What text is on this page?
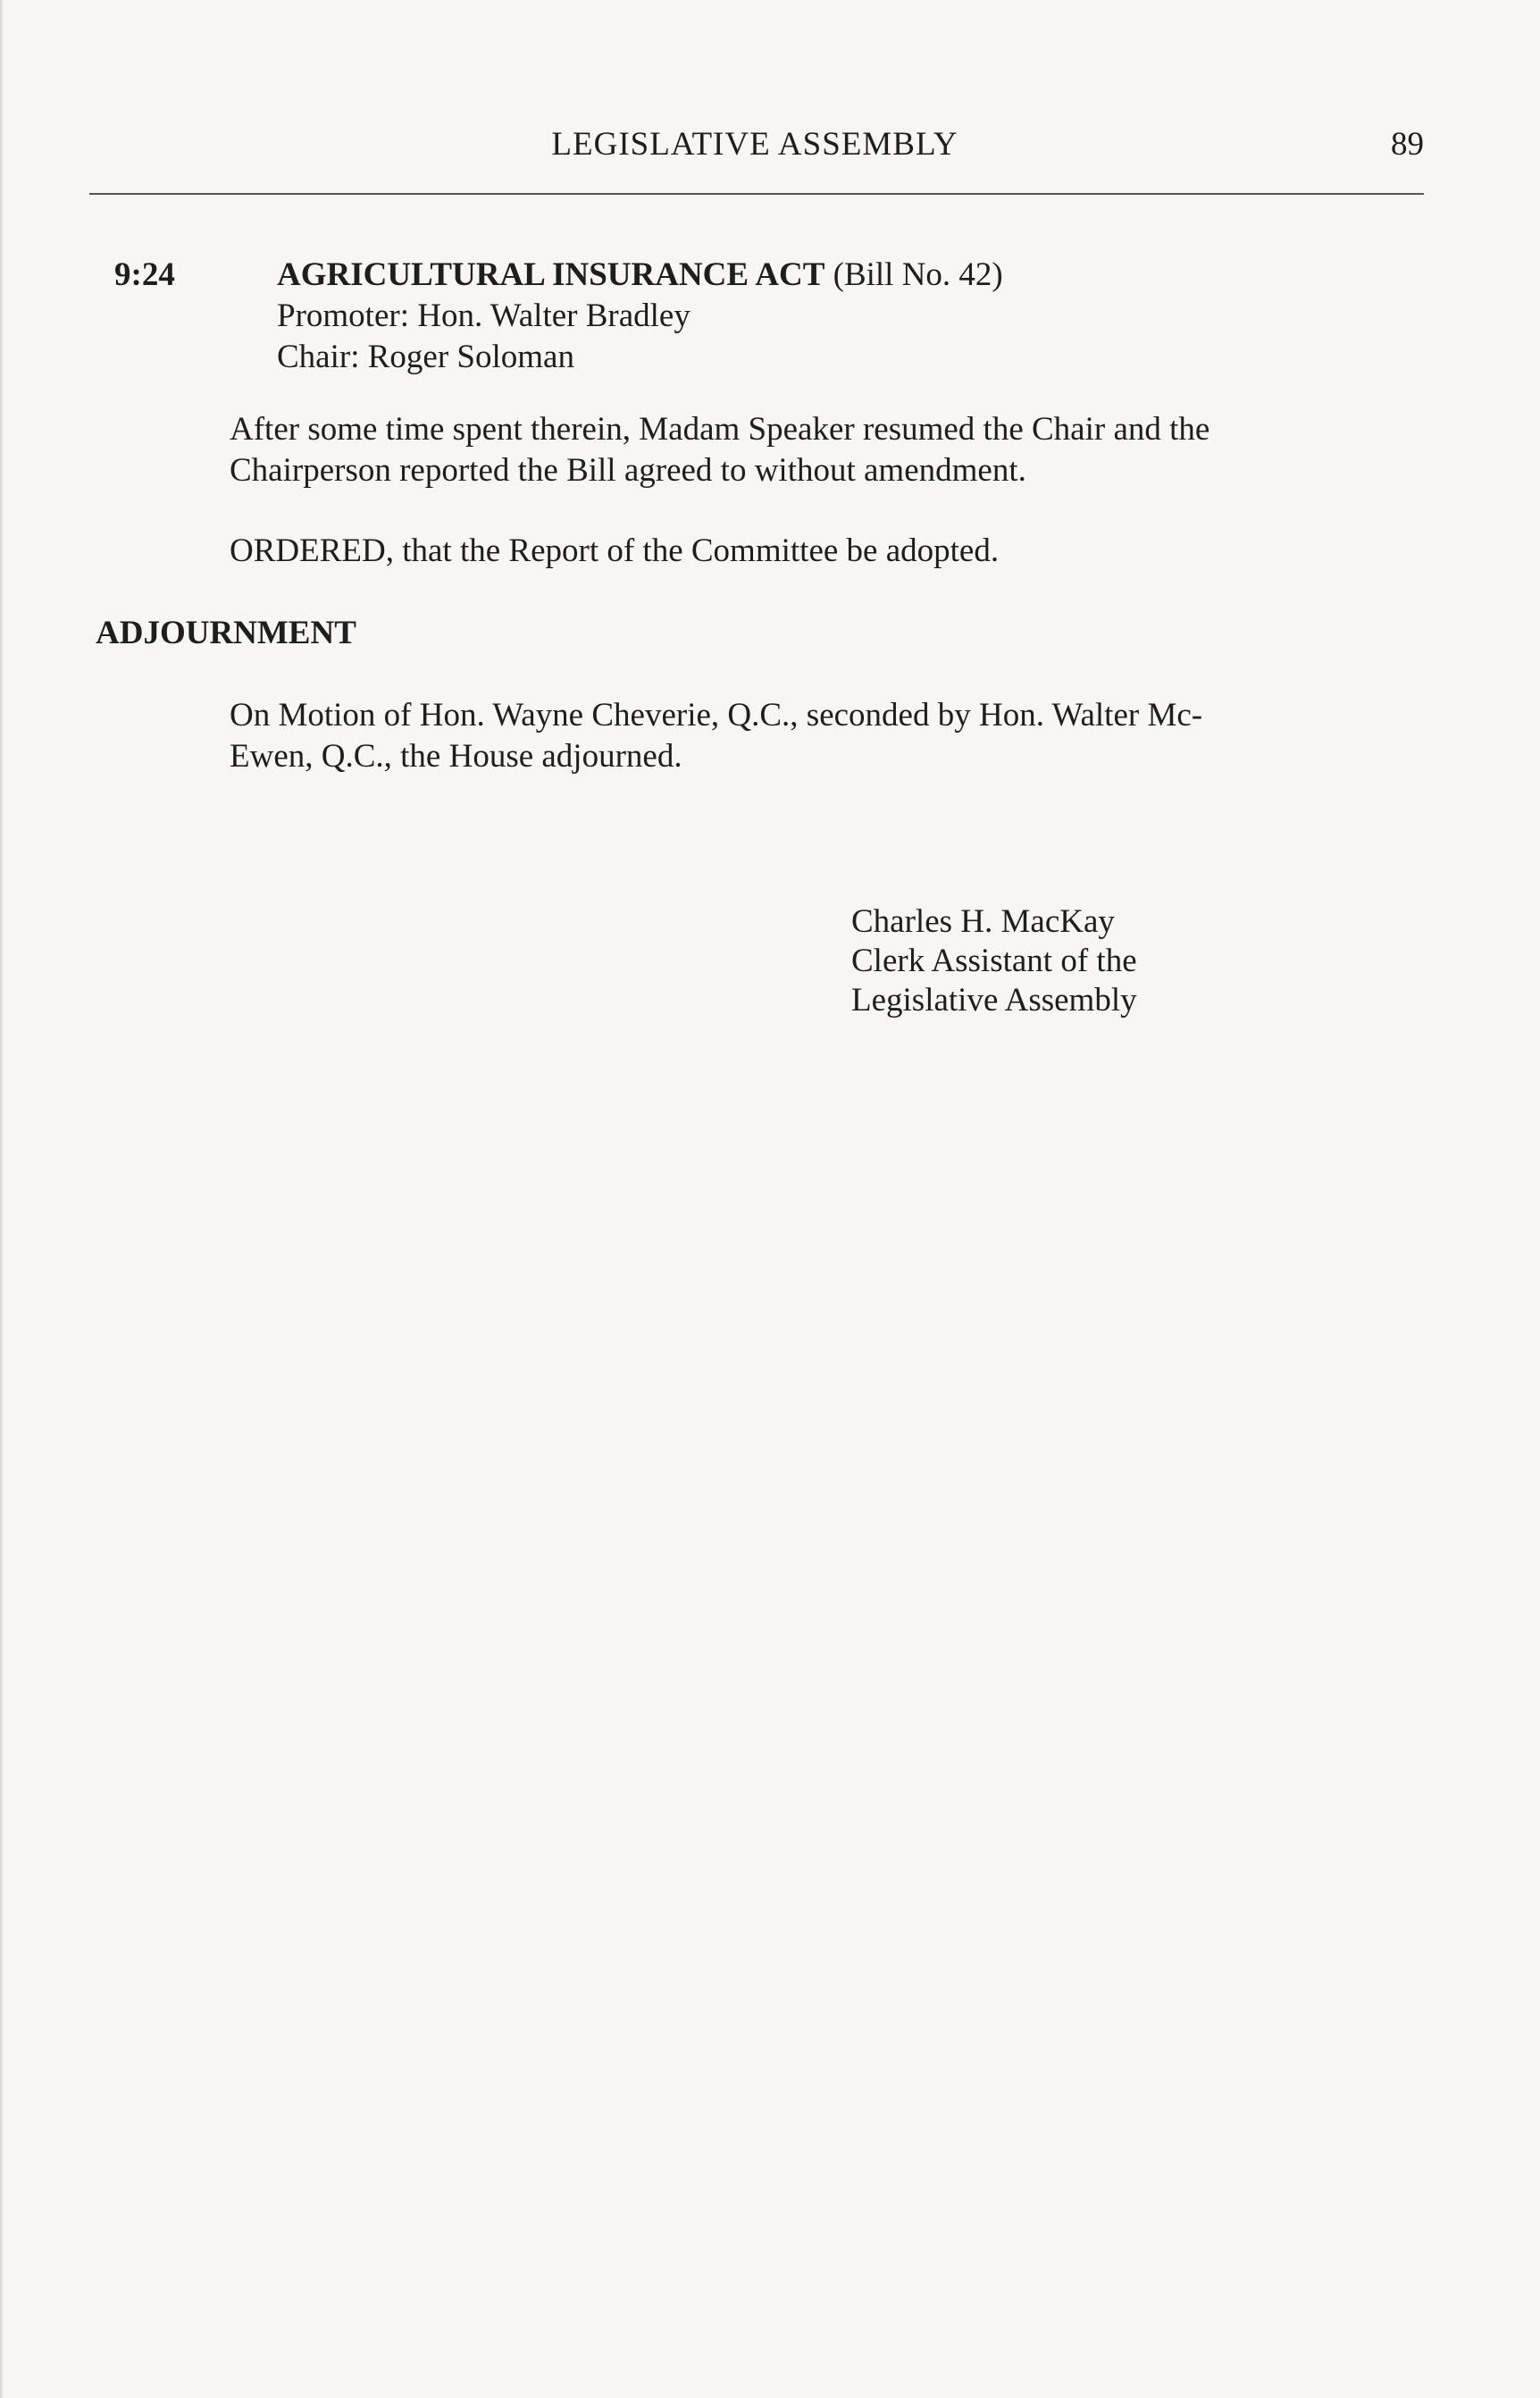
LEGISLATIVE ASSEMBLY	89
9:24	AGRICULTURAL INSURANCE ACT (Bill No. 42)
Promoter: Hon. Walter Bradley
Chair: Roger Soloman
After some time spent therein, Madam Speaker resumed the Chair and the
Chairperson reported the Bill agreed to without amendment.
ORDERED, that the Report of the Committee be adopted.
ADJOURNMENT
On Motion of Hon. Wayne Cheverie, Q.C., seconded by Hon. Walter Mc-
Ewen, Q.C., the House adjourned.
Charles H. MacKay
Clerk Assistant of the
Legislative Assembly
